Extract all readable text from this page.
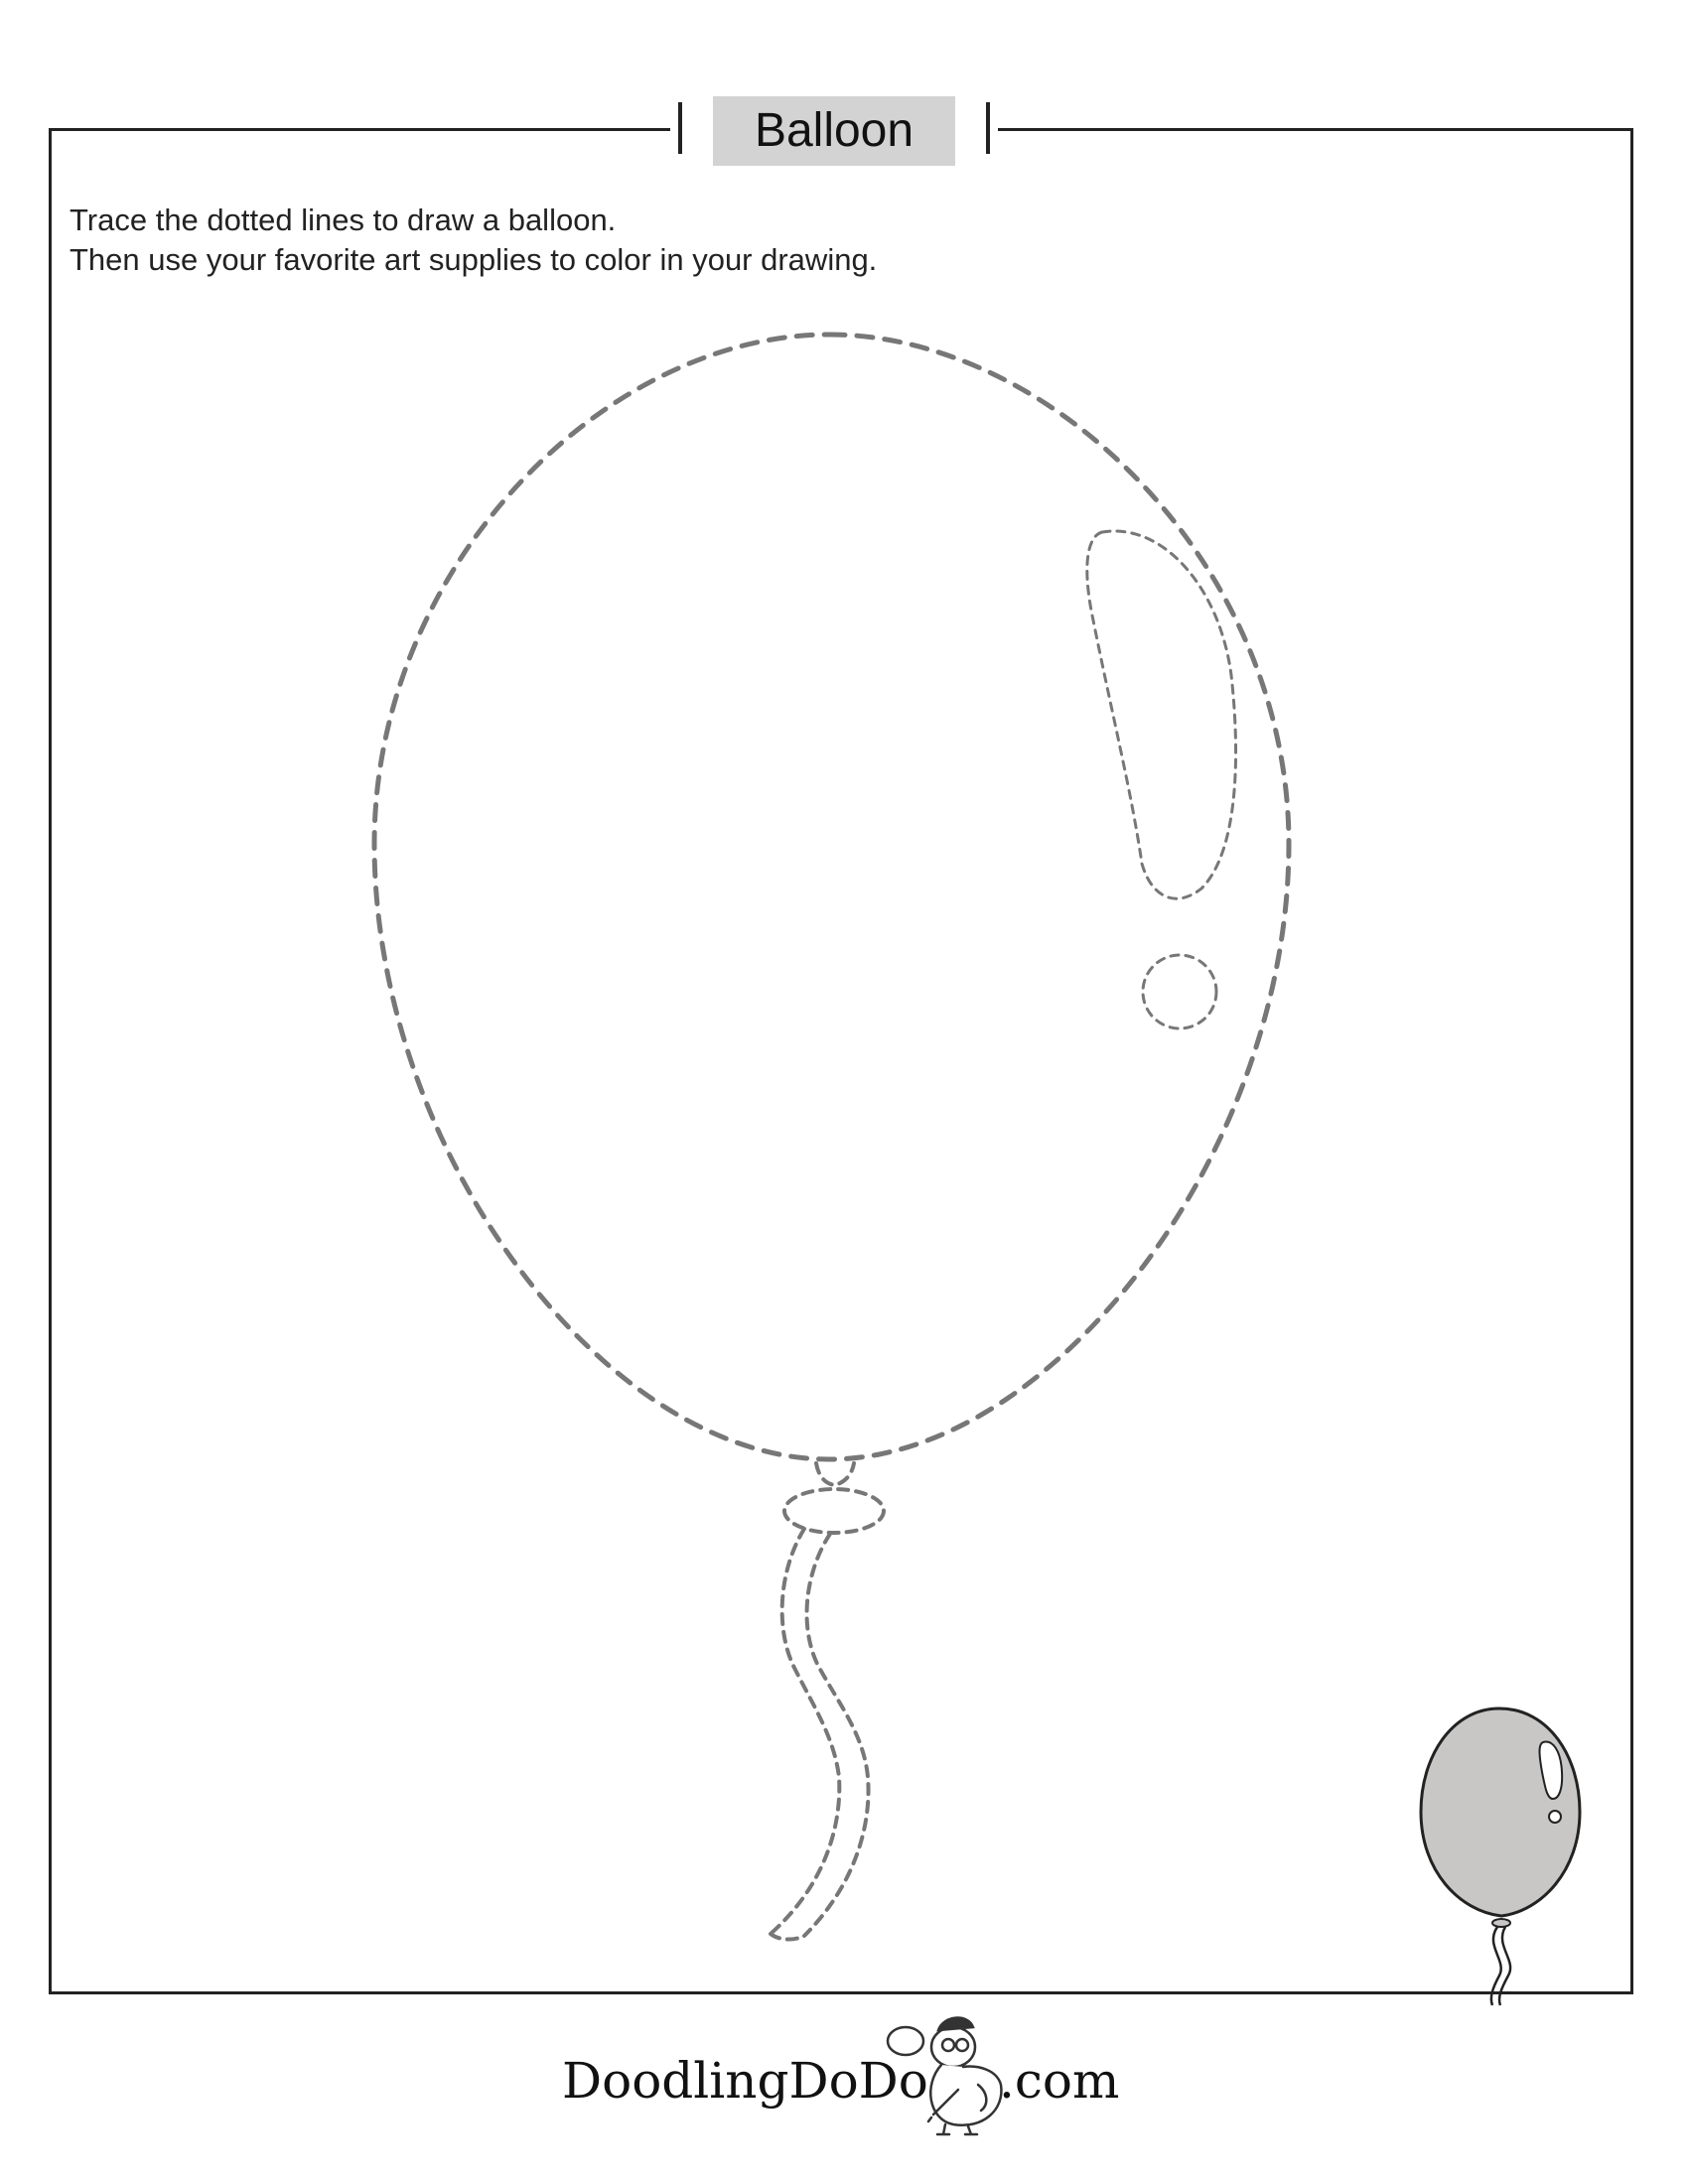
Balloon
Trace the dotted lines to draw a balloon.
Then use your favorite art supplies to color in your drawing.
DoodlingDoDo .com
